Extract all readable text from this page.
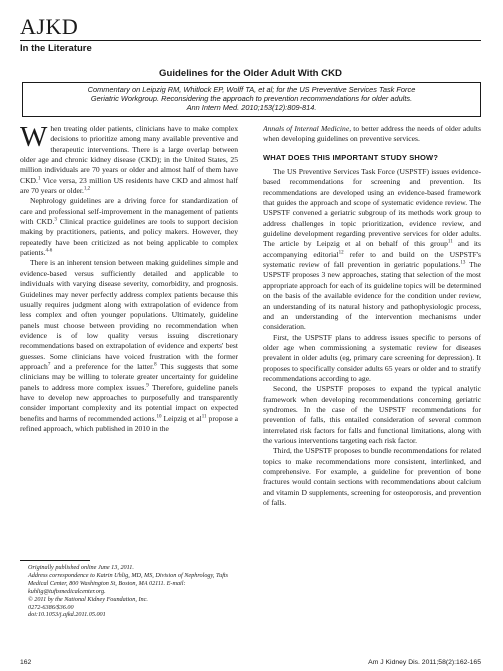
AJKD
In the Literature
Guidelines for the Older Adult With CKD
Commentary on Leipzig RM, Whitlock EP, Wolff TA, et al; for the US Preventive Services Task Force
Geriatric Workgroup. Reconsidering the approach to prevention recommendations for older adults.
Ann Intern Med. 2010;153(12):809-814.

When treating older patients, clinicians have to make complex decisions to prioritize among many available preventive and therapeutic interventions. There is a large overlap between older age and chronic kidney disease (CKD); in the United States, 25 million individuals are 70 years or older and almost half of them have CKD.$^1$ Vice versa, 23 million US residents have CKD and almost half are 70 years or older.$^{1,2}$

Nephrology guidelines are a driving force for standardization of care and professional self-improvement in the management of patients with CKD.$^3$ Clinical practice guidelines are tools to support decision making by practitioners, patients, and policy makers. However, they repeatedly have been criticized as not being applicable to complex patients.$^{4-6}$

There is an inherent tension between making guidelines simple and evidence-based versus sufficiently detailed and applicable to individuals with varying disease severity, comorbidity, and prognosis. Guidelines may never perfectly address complex patients because this usually requires judgment along with extrapolation of evidence from less complex and often younger populations. Ultimately, guideline panels must choose between providing no recommendation when evidence is of low quality versus issuing discretionary recommendations based on extrapolation of evidence and experts' best guesses. Some clinicians have voiced frustration with the former approach$^7$ and a preference for the latter.$^8$ This suggests that some clinicians may be willing to tolerate greater uncertainty for guideline panels to address more complex issues.$^9$ Therefore, guideline panels have to develop new approaches to purposefully and transparently consider important complexity and its potential impact on expected benefits and harms of recommended actions.$^{10}$ Leipzig et $al^{11}$ propose a refined approach, which published in 2010 in the

Annals of Internal Medicine, to better address the needs of older adults when developing guidelines on preventive services.

WHAT DOES THIS IMPORTANT STUDY SHOW?

The US Preventive Services Task Force (USPSTF) issues evidence-based recommendations for screening and prevention. Its recommendations are developed using an evidence-based framework that guides the approach and scope of systematic evidence review. The USPSTF convened a geriatric subgroup of its methods work group to address challenges in topic prioritization, evidence review, and guideline development regarding preventive services for older adults. The article by Leipzig et al on behalf of this group$^{11}$ and its accompanying editorial$^{12}$ refer to and build on the USPSTF's systematic review of fall prevention in geriatric populations.$^{13}$ The USPSTF proposes 3 new approaches, stating that selection of the most appropriate approach for each of its guideline topics will be determined on the basis of the available evidence for the condition under review, an understanding of its natural history and pathophysiologic process, and an understanding of the intervention mechanisms under consideration.

First, the USPSTF plans to address issues specific to persons of older age when commissioning a systematic review for diseases prevalent in older adults (eg, primary care screening for depression). It proposes to specifically consider adults 65 years or older and to stratify recommendations according to age.

Second, the USPSTF proposes to expand the typical analytic framework when developing recommendations concerning geriatric syndromes. In the case of the USPSTF recommendations for prevention of falls, this entailed consideration of several common interrelated risk factors for falls and functional limitations, along with the various interventions targeting each risk factor.

Third, the USPSTF proposes to bundle recommendations for related topics to make recommendations more consistent, interlinked, and comprehensive. For example, a guideline for prevention of bone fractures would contain sections with recommendations about calcium and vitamin D supplements, screening for osteoporosis, and prevention of falls.

Originally published online June 13, 2011.
Address correspondence to Katrin Uhlig, MD, MS, Division of Nephrology, Tufts Medical Center, 800 Washington St, Boston, MA 02111. E-mail: kuhlig@tuftsmedicalcenter.org.
© 2011 by the National Kidney Foundation, Inc.
0272-6386/$36.00
doi:10.1053/j.ajkd.2011.05.001
162	Am J Kidney Dis. 2011;58(2):162-165
